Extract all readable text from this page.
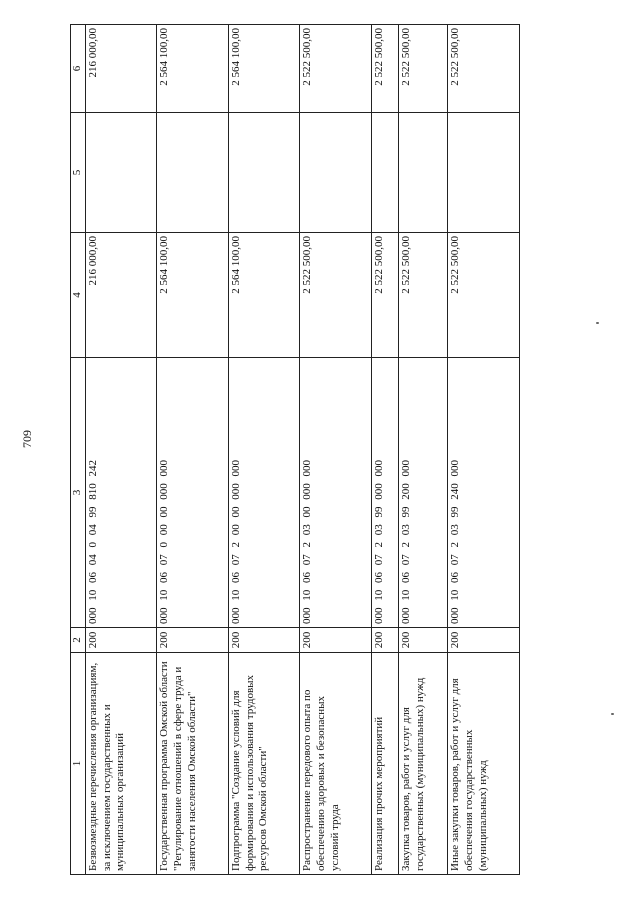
709
1	2	3	4	5	6
Безвозмездные перечисления организациям, за исключением государственных и муниципальных организаций	200	000 10 06 04 0 04 99 810 242	216 000,00		216 000,00
Государственная программа Омской области "Регулирование отношений в сфере труда и занятости населения Омской области"	200	000 10 06 07 0 00 00 000 000	2 564 100,00		2 564 100,00
Подпрограмма "Создание условий для формирования и использования трудовых ресурсов Омской области"	200	000 10 06 07 2 00 00 000 000	2 564 100,00		2 564 100,00
Распространение передового опыта по обеспечению здоровых и безопасных условий труда	200	000 10 06 07 2 03 00 000 000	2 522 500,00		2 522 500,00
Реализация прочих мероприятий	200	000 10 06 07 2 03 99 000 000	2 522 500,00		2 522 500,00
Закупка товаров, работ и услуг для государственных (муниципальных) нужд	200	000 10 06 07 2 03 99 200 000	2 522 500,00		2 522 500,00
Иные закупки товаров, работ и услуг для обеспечения государственных (муниципальных) нужд	200	000 10 06 07 2 03 99 240 000	2 522 500,00		2 522 500,00
